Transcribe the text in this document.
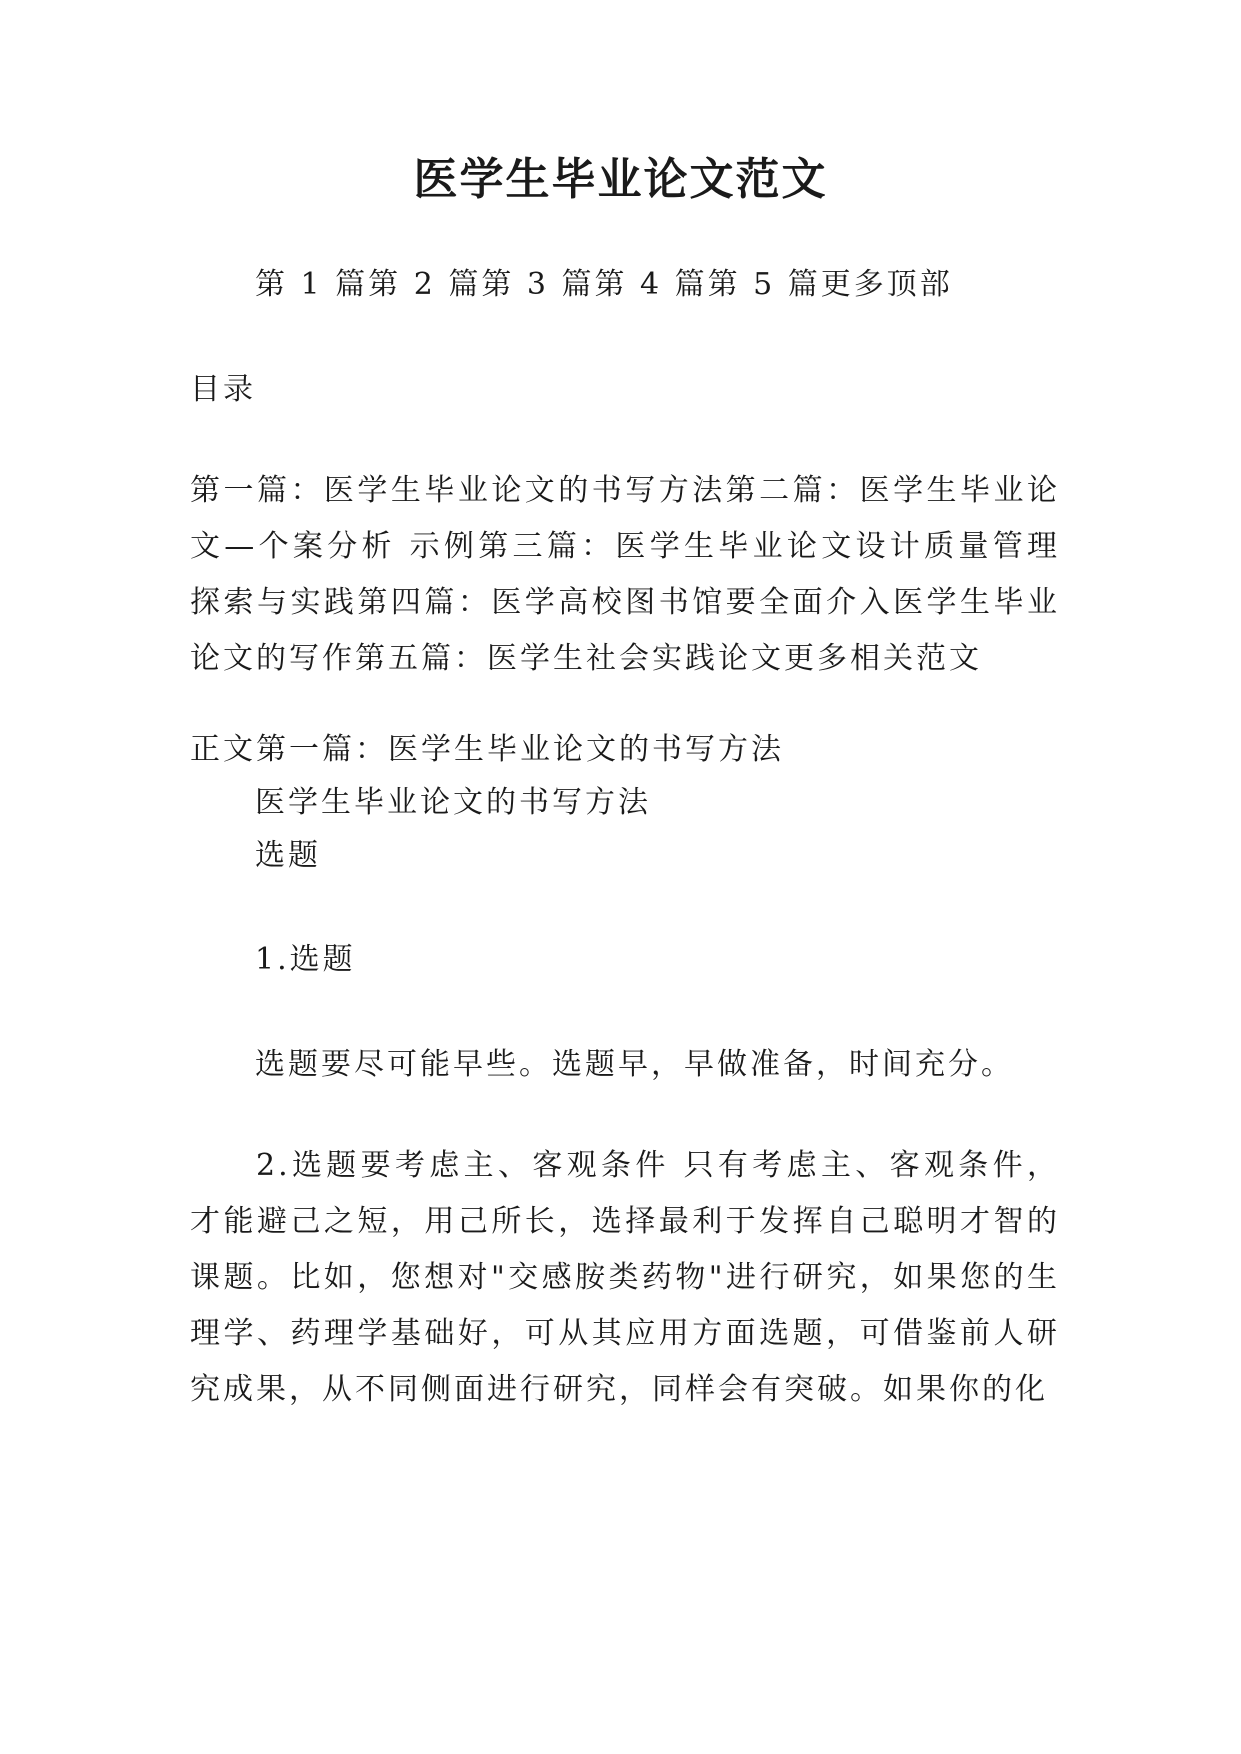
医学生毕业论文范文
第 1 篇第 2 篇第 3 篇第 4 篇第 5 篇更多顶部
目录
第一篇：医学生毕业论文的书写方法第二篇：医学生毕业论文—个案分析 示例第三篇：医学生毕业论文设计质量管理探索与实践第四篇：医学高校图书馆要全面介入医学生毕业论文的写作第五篇：医学生社会实践论文更多相关范文
正文第一篇：医学生毕业论文的书写方法
医学生毕业论文的书写方法
选题
1.选题
选题要尽可能早些。选题早，早做准备，时间充分。
2.选题要考虑主、客观条件 只有考虑主、客观条件，才能避己之短，用己所长，选择最利于发挥自己聪明才智的课题。比如，您想对"交感胺类药物"进行研究，如果您的生理学、药理学基础好，可从其应用方面选题，可借鉴前人研究成果，从不同侧面进行研究，同样会有突破。如果你的化
